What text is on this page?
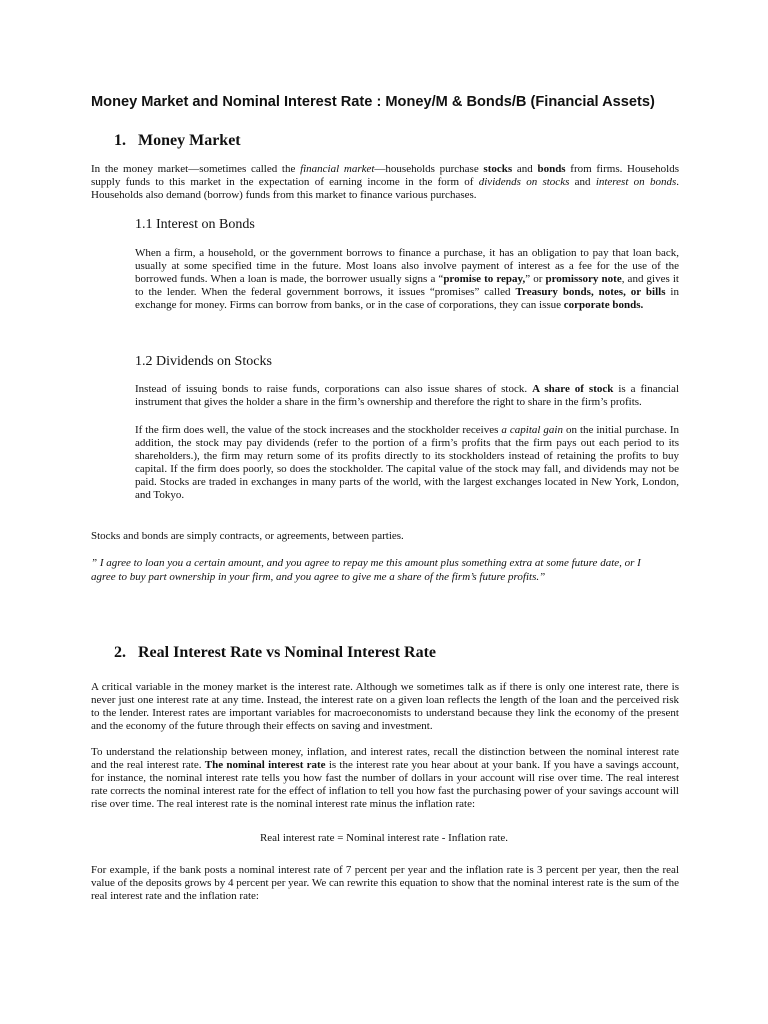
Money Market and Nominal Interest Rate : Money/M & Bonds/B (Financial Assets)
1. Money Market

In the money market—sometimes called the financial market—households purchase stocks and bonds from firms. Households supply funds to this market in the expectation of earning income in the form of dividends on stocks and interest on bonds. Households also demand (borrow) funds from this market to finance various purchases.

1.1 Interest on Bonds

When a firm, a household, or the government borrows to finance a purchase, it has an obligation to pay that loan back, usually at some specified time in the future. Most loans also involve payment of interest as a fee for the use of the borrowed funds. When a loan is made, the borrower usually signs a “promise to repay,” or promissory note, and gives it to the lender. When the federal government borrows, it issues “promises” called Treasury bonds, notes, or bills in exchange for money. Firms can borrow from banks, or in the case of corporations, they can issue corporate bonds.

1.2 Dividends on Stocks

Instead of issuing bonds to raise funds, corporations can also issue shares of stock. A share of stock is a financial instrument that gives the holder a share in the firm’s ownership and therefore the right to share in the firm’s profits.

If the firm does well, the value of the stock increases and the stockholder receives a capital gain on the initial purchase. In addition, the stock may pay dividends (refer to the portion of a firm’s profits that the firm pays out each period to its shareholders.), the firm may return some of its profits directly to its stockholders instead of retaining the profits to buy capital. If the firm does poorly, so does the stockholder. The capital value of the stock may fall, and dividends may not be paid. Stocks are traded in exchanges in many parts of the world, with the largest exchanges located in New York, London, and Tokyo.

Stocks and bonds are simply contracts, or agreements, between parties.

” I agree to loan you a certain amount, and you agree to repay me this amount plus something extra at some future date, or I agree to buy part ownership in your firm, and you agree to give me a share of the firm’s future profits.”

2. Real Interest Rate vs Nominal Interest Rate

A critical variable in the money market is the interest rate. Although we sometimes talk as if there is only one interest rate, there is never just one interest rate at any time. Instead, the interest rate on a given loan reflects the length of the loan and the perceived risk to the lender. Interest rates are important variables for macroeconomists to understand because they link the economy of the present and the economy of the future through their effects on saving and investment.

To understand the relationship between money, inflation, and interest rates, recall the distinction between the nominal interest rate and the real interest rate. The nominal interest rate is the interest rate you hear about at your bank. If you have a savings account, for instance, the nominal interest rate tells you how fast the number of dollars in your account will rise over time. The real interest rate corrects the nominal interest rate for the effect of inflation to tell you how fast the purchasing power of your savings account will rise over time. The real interest rate is the nominal interest rate minus the inflation rate:

Real interest rate = Nominal interest rate - Inflation rate.

For example, if the bank posts a nominal interest rate of 7 percent per year and the inflation rate is 3 percent per year, then the real value of the deposits grows by 4 percent per year. We can rewrite this equation to show that the nominal interest rate is the sum of the real interest rate and the inflation rate:
